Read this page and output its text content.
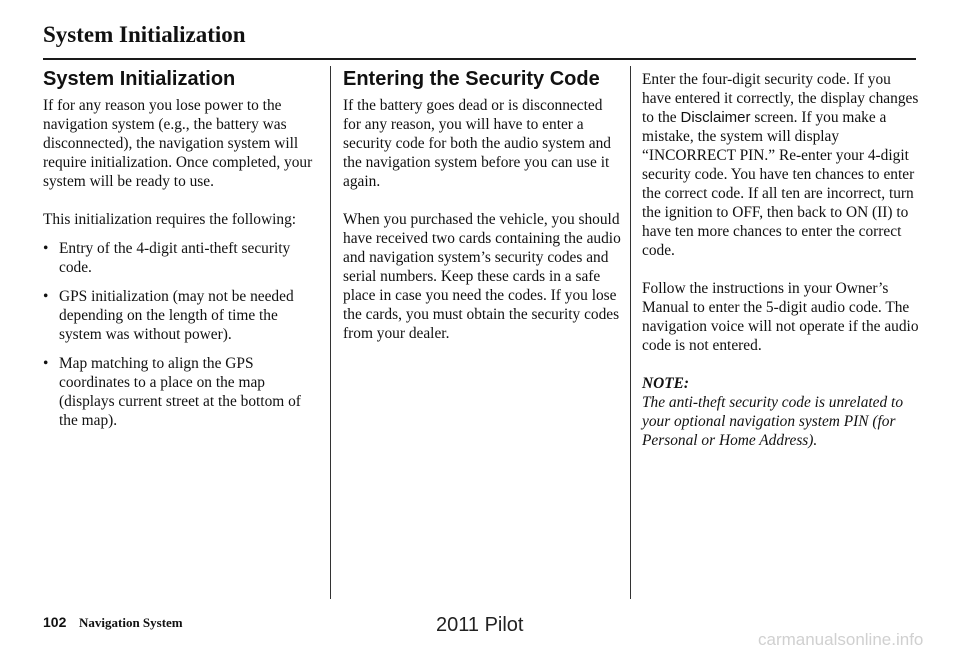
System Initialization
System Initialization

If for any reason you lose power to the navigation system (e.g., the battery was disconnected), the navigation system will require initialization. Once completed, your system will be ready to use.

This initialization requires the following:

• Entry of the 4-digit anti-theft security code.
• GPS initialization (may not be needed depending on the length of time the system was without power).
• Map matching to align the GPS coordinates to a place on the map (displays current street at the bottom of the map).
Entering the Security Code

If the battery goes dead or is disconnected for any reason, you will have to enter a security code for both the audio system and the navigation system before you can use it again.

When you purchased the vehicle, you should have received two cards containing the audio and navigation system’s security codes and serial numbers. Keep these cards in a safe place in case you need the codes. If you lose the cards, you must obtain the security codes from your dealer.

Enter the four-digit security code. If you have entered it correctly, the display changes to the Disclaimer screen. If you make a mistake, the system will display “INCORRECT PIN.” Re-enter your 4-digit security code. You have ten chances to enter the correct code. If all ten are incorrect, turn the ignition to OFF, then back to ON (II) to have ten more chances to enter the correct code.

Follow the instructions in your Owner’s Manual to enter the 5-digit audio code. The navigation voice will not operate if the audio code is not entered.

NOTE:

The anti-theft security code is unrelated to your optional navigation system PIN (for Personal or Home Address).

102 Navigation System	2011 Pilot
carmanualsonline.info
